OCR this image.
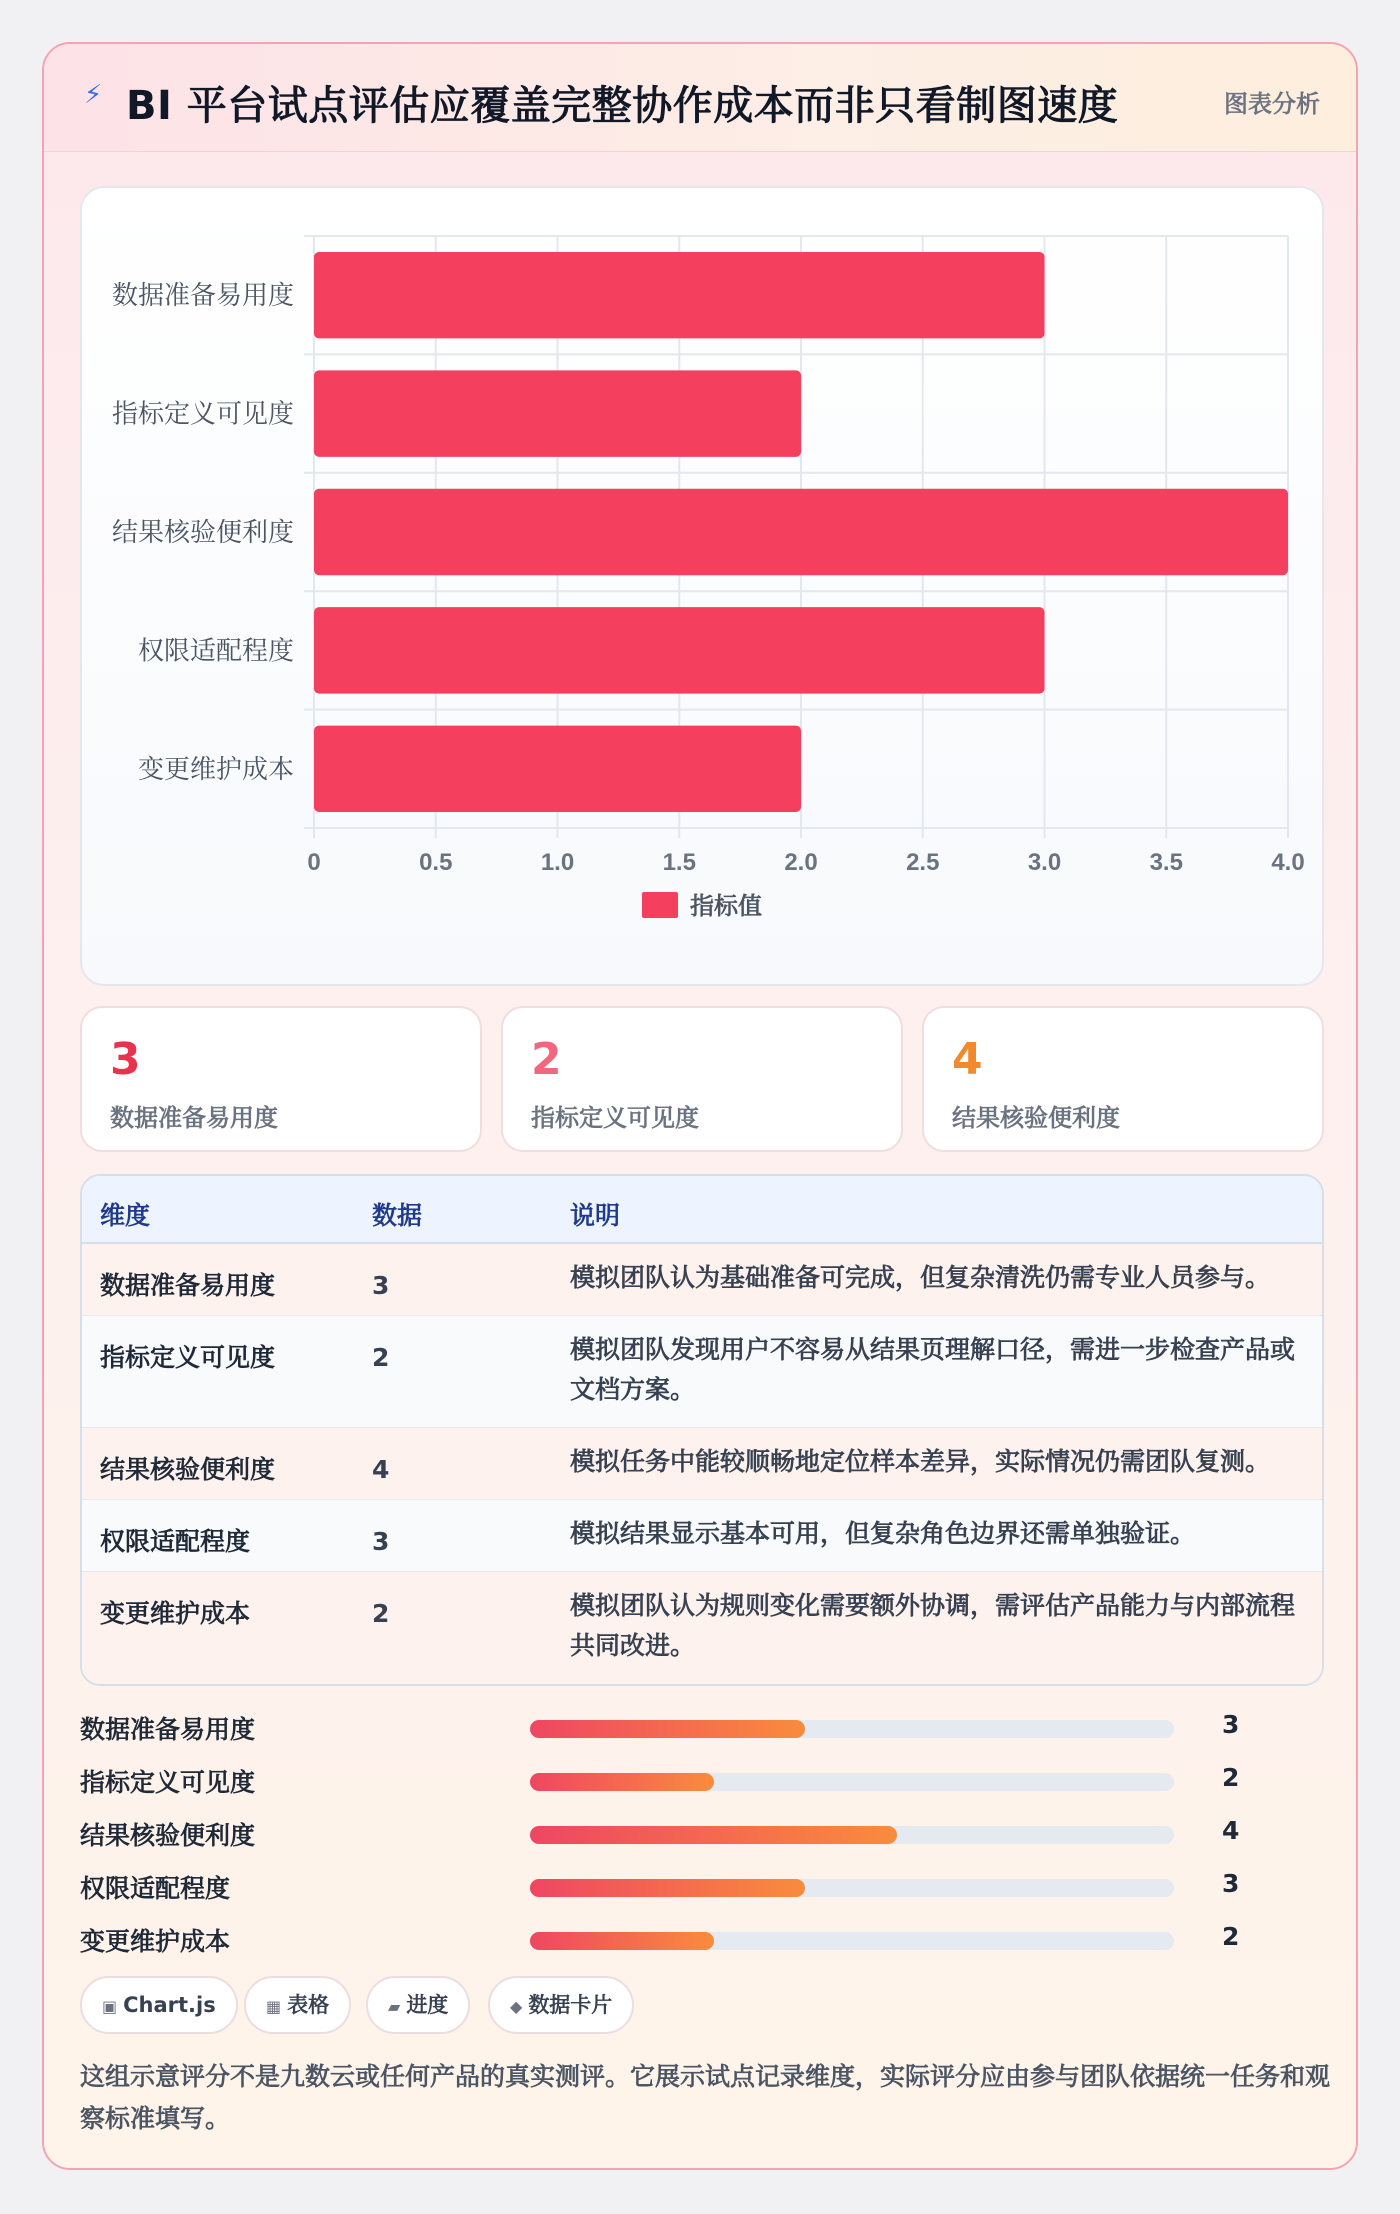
⚡ BI 平台试点评估应覆盖完整协作成本而非只看制图速度	图表分析
0	0.5	1.0	1.5	2.0	2.5	3.0	3.5	4.0
数据准备易用度
指标定义可见度
结果核验便利度
权限适配程度
变更维护成本
指标值
3
数据准备易用度
2
指标定义可见度
4
结果核验便利度
维度	数据	说明
数据准备易用度	3	模拟团队认为基础准备可完成，但复杂清洗仍需专业人员参与。
指标定义可见度	2	模拟团队发现用户不容易从结果页理解口径，需进一步检查产品或文档方案。
结果核验便利度	4	模拟任务中能较顺畅地定位样本差异，实际情况仍需团队复测。
权限适配程度	3	模拟结果显示基本可用，但复杂角色边界还需单独验证。
变更维护成本	2	模拟团队认为规则变化需要额外协调，需评估产品能力与内部流程共同改进。
数据准备易用度	3
指标定义可见度	2
结果核验便利度	4
权限适配程度	3
变更维护成本	2
▣ Chart.js	▦ 表格	▰ 进度	◆ 数据卡片
这组示意评分不是九数云或任何产品的真实测评。它展示试点记录维度，实际评分应由参与团队依据统一任务和观察标准填写。
